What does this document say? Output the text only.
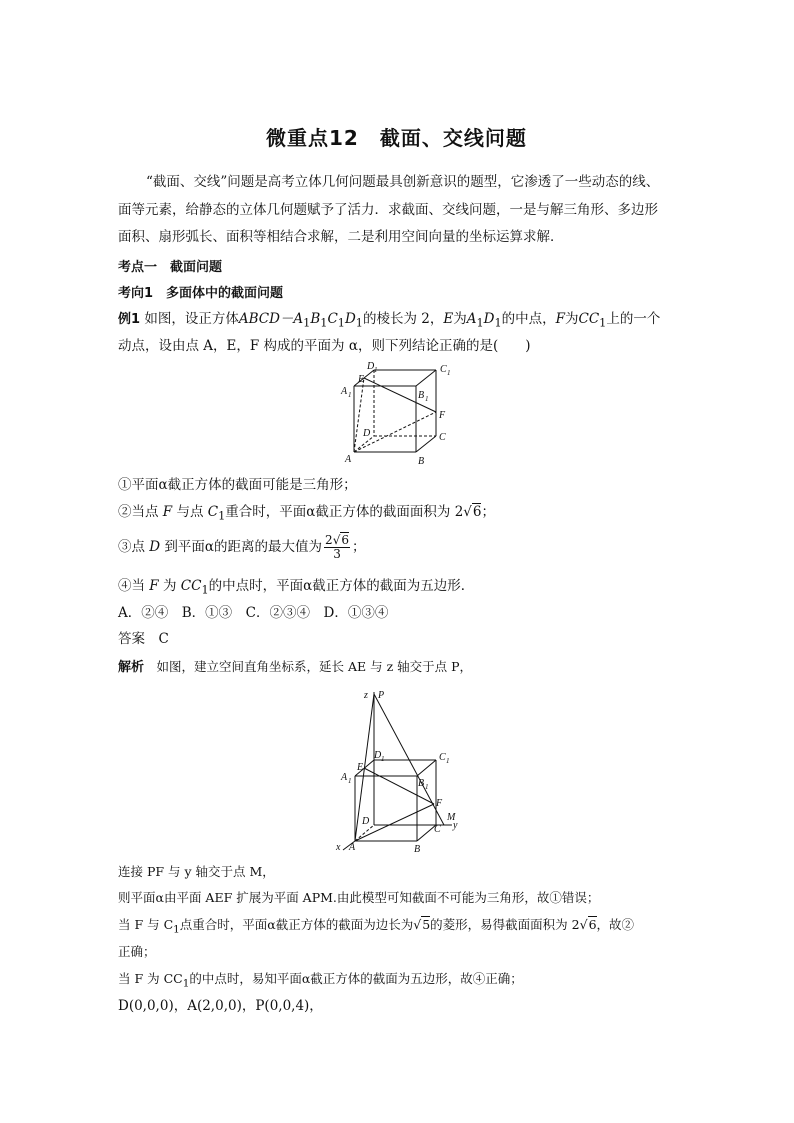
微重点12　截面、交线问题
“截面、交线”问题是高考立体几何问题最具创新意识的题型，它渗透了一些动态的线、
面等元素，给静态的立体几何题赋予了活力．求截面、交线问题，一是与解三角形、多边形
面积、扇形弧长、面积等相结合求解，二是利用空间向量的坐标运算求解．
考点一　截面问题
考向1　多面体中的截面问题
例1 如图，设正方体$ABCD-A_1B_1C_1D_1$的棱长为 2，E为$A_1D_1$的中点，F为$CC_1$上的一个
动点，设由点 A，E，F 构成的平面为 α，则下列结论正确的是(　　)
D 1	C 1
A 1
E
B 1
F
D	C
A	B
①平面α截正方体的截面可能是三角形；
②当点 F 与点 $C_1$重合时，平面α截正方体的截面面积为 2√6；
③点 D 到平面α的距离的最大值为 $\frac{2√6}{3}$ ；
④当 F 为 $CC_1$的中点时，平面α截正方体的截面为五边形．
A．②④　B．①③　C．②③④　D．①③④
答案　C
解析　 如图，建立空间直角坐标系，延长 AE 与 z 轴交于点 P，
z P
D 1	C 1
A 1
E
B 1
F
M
D
C y
x A	B
连接 PF 与 y 轴交于点 M，
则平面α由平面 AEF 扩展为平面 APM.由此模型可知截面不可能为三角形，故①错误；
当 F 与 $C_1$点重合时，平面α截正方体的截面为边长为√5的菱形，易得截面面积为 2√6，故②
正确；
当 F 为 $CC_1$的中点时，易知平面α截正方体的截面为五边形，故④正确；
D(0,0,0)，A(2,0,0)，P(0,0,4)，
